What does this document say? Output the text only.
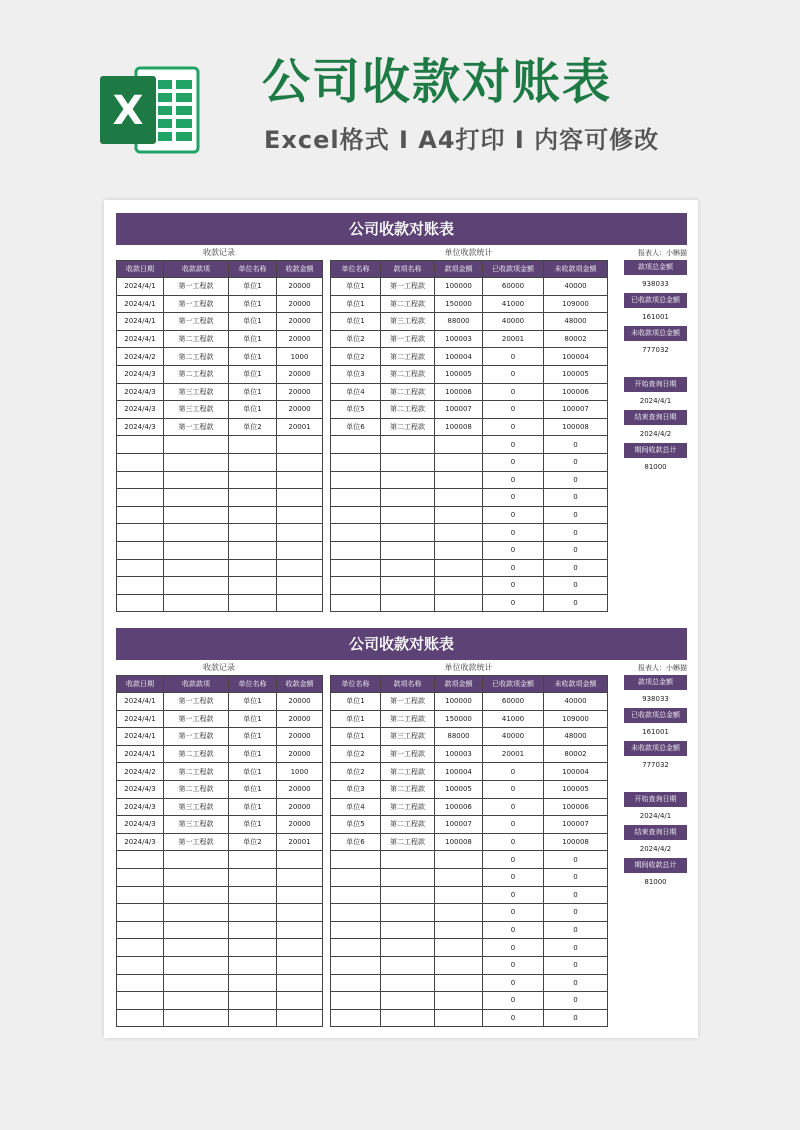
X
公司收款对账表
Excel格式 I A4打印 I 内容可修改
公司收款对账表
收款记录	单位收款统计
收款日期	收款款项	单位名称	收款金额
2024/4/1	第一工程款	单位1	20000
2024/4/1	第一工程款	单位1	20000
2024/4/1	第一工程款	单位1	20000
2024/4/1	第二工程款	单位1	20000
2024/4/2	第二工程款	单位1	1000
2024/4/3	第二工程款	单位1	20000
2024/4/3	第三工程款	单位1	20000
2024/4/3	第三工程款	单位1	20000
2024/4/3	第一工程款	单位2	20001

单位名称	款项名称	款项金额	已收款项金额	未收款项金额
单位1	第一工程款	100000	60000	40000
单位1	第二工程款	150000	41000	109000
单位1	第三工程款	88000	40000	48000
单位2	第一工程款	100003	20001	80002
单位2	第二工程款	100004	0	100004
单位3	第二工程款	100005	0	100005
单位4	第二工程款	100006	0	100006
单位5	第二工程款	100007	0	100007
单位6	第二工程款	100008	0	100008
			0	0
			0	0
			0	0
			0	0
			0	0
			0	0
			0	0
			0	0
			0	0
			0	0
报表人：小蝌猫
款项总金额
938033
已收款项总金额
161001
未收款项总金额
777032
开始查询日期
2024/4/1
结束查询日期
2024/4/2
期间收款总计
81000
公司收款对账表
收款记录	单位收款统计
收款日期	收款款项	单位名称	收款金额
2024/4/1	第一工程款	单位1	20000
2024/4/1	第一工程款	单位1	20000
2024/4/1	第一工程款	单位1	20000
2024/4/1	第二工程款	单位1	20000
2024/4/2	第二工程款	单位1	1000
2024/4/3	第二工程款	单位1	20000
2024/4/3	第三工程款	单位1	20000
2024/4/3	第三工程款	单位1	20000
2024/4/3	第一工程款	单位2	20001

单位名称	款项名称	款项金额	已收款项金额	未收款项金额
单位1	第一工程款	100000	60000	40000
单位1	第二工程款	150000	41000	109000
单位1	第三工程款	88000	40000	48000
单位2	第一工程款	100003	20001	80002
单位2	第二工程款	100004	0	100004
单位3	第二工程款	100005	0	100005
单位4	第二工程款	100006	0	100006
单位5	第二工程款	100007	0	100007
单位6	第二工程款	100008	0	100008
			0	0
			0	0
			0	0
			0	0
			0	0
			0	0
			0	0
			0	0
			0	0
			0	0
报表人：小蝌猫
款项总金额
938033
已收款项总金额
161001
未收款项总金额
777032
开始查询日期
2024/4/1
结束查询日期
2024/4/2
期间收款总计
81000
